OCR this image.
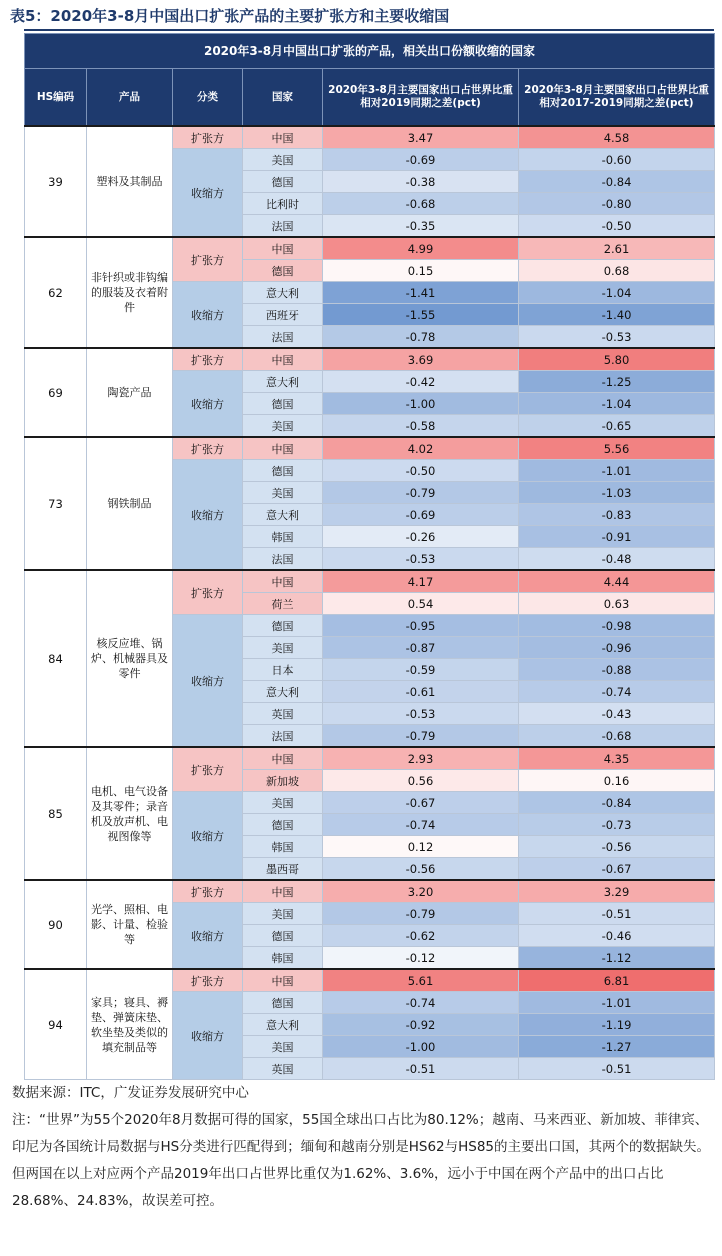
表5：2020年3-8月中国出口扩张产品的主要扩张方和主要收缩国
2020年3-8月中国出口扩张的产品，相关出口份额收缩的国家					
HS编码	产品	分类	国家	2020年3-8月主要国家出口占世界比重相对2019同期之差(pct)	2020年3-8月主要国家出口占世界比重相对2017-2019同期之差(pct)
39	塑料及其制品	扩张方	中国	3.47	4.58
		收缩方	美国	-0.69	-0.60
			德国	-0.38	-0.84
			比利时	-0.68	-0.80
			法国	-0.35	-0.50
62	非针织或非钩编的服装及衣着附件	扩张方	中国	4.99	2.61
			德国	0.15	0.68
		收缩方	意大利	-1.41	-1.04
			西班牙	-1.55	-1.40
			法国	-0.78	-0.53
69	陶瓷产品	扩张方	中国	3.69	5.80
		收缩方	意大利	-0.42	-1.25
			德国	-1.00	-1.04
			美国	-0.58	-0.65
73	钢铁制品	扩张方	中国	4.02	5.56
		收缩方	德国	-0.50	-1.01
			美国	-0.79	-1.03
			意大利	-0.69	-0.83
			韩国	-0.26	-0.91
			法国	-0.53	-0.48
84	核反应堆、锅炉、机械器具及零件	扩张方	中国	4.17	4.44
			荷兰	0.54	0.63
		收缩方	德国	-0.95	-0.98
			美国	-0.87	-0.96
			日本	-0.59	-0.88
			意大利	-0.61	-0.74
			英国	-0.53	-0.43
			法国	-0.79	-0.68
85	电机、电气设备及其零件；录音机及放声机、电视图像等	扩张方	中国	2.93	4.35
			新加坡	0.56	0.16
		收缩方	美国	-0.67	-0.84
			德国	-0.74	-0.73
			韩国	0.12	-0.56
			墨西哥	-0.56	-0.67
90	光学、照相、电影、计量、检验等	扩张方	中国	3.20	3.29
		收缩方	美国	-0.79	-0.51
			德国	-0.62	-0.46
			韩国	-0.12	-1.12
94	家具；寝具、褥垫、弹簧床垫、软坐垫及类似的填充制品等	扩张方	中国	5.61	6.81
		收缩方	德国	-0.74	-1.01
			意大利	-0.92	-1.19
			美国	-1.00	-1.27
			英国	-0.51	-0.51
数据来源：ITC，广发证券发展研究中心
注：“世界”为55个2020年8月数据可得的国家，55国全球出口占比为80.12%；越南、马来西亚、新加坡、菲律宾、印尼为各国统计局数据与HS分类进行匹配得到；缅甸和越南分别是HS62与HS85的主要出口国，其两个的数据缺失。但两国在以上对应两个产品2019年出口占世界比重仅为1.62%、3.6%，远小于中国在两个产品中的出口占比28.68%、24.83%，故误差可控。
